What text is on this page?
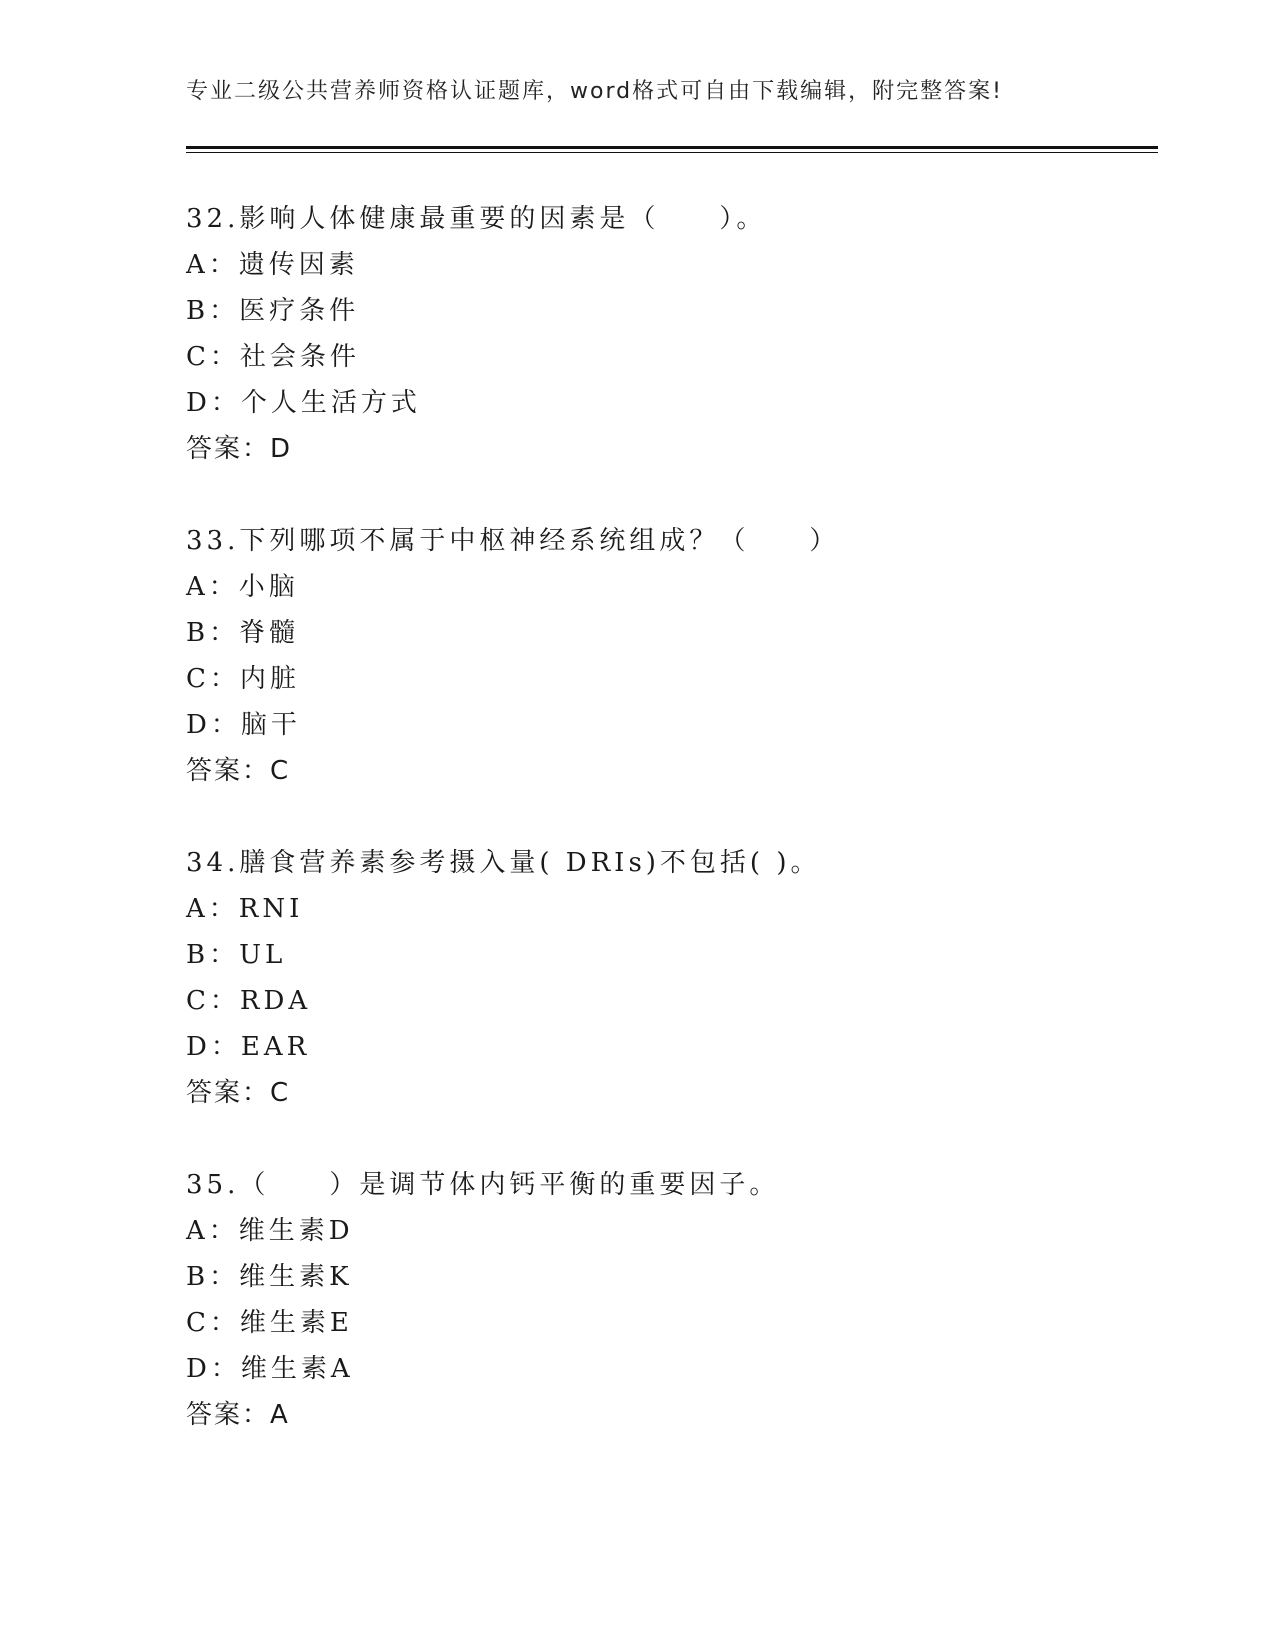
专业二级公共营养师资格认证题库，word格式可自由下载编辑，附完整答案!
32.影响人体健康最重要的因素是（　　）。
A：遗传因素
B：医疗条件
C：社会条件
D：个人生活方式
答案：D
33.下列哪项不属于中枢神经系统组成？（　　）
A：小脑
B：脊髓
C：内脏
D：脑干
答案：C
34.膳食营养素参考摄入量( DRIs)不包括( )。
A：RNI
B：UL
C：RDA
D：EAR
答案：C
35.（　　）是调节体内钙平衡的重要因子。
A：维生素D
B：维生素K
C：维生素E
D：维生素A
答案：A
